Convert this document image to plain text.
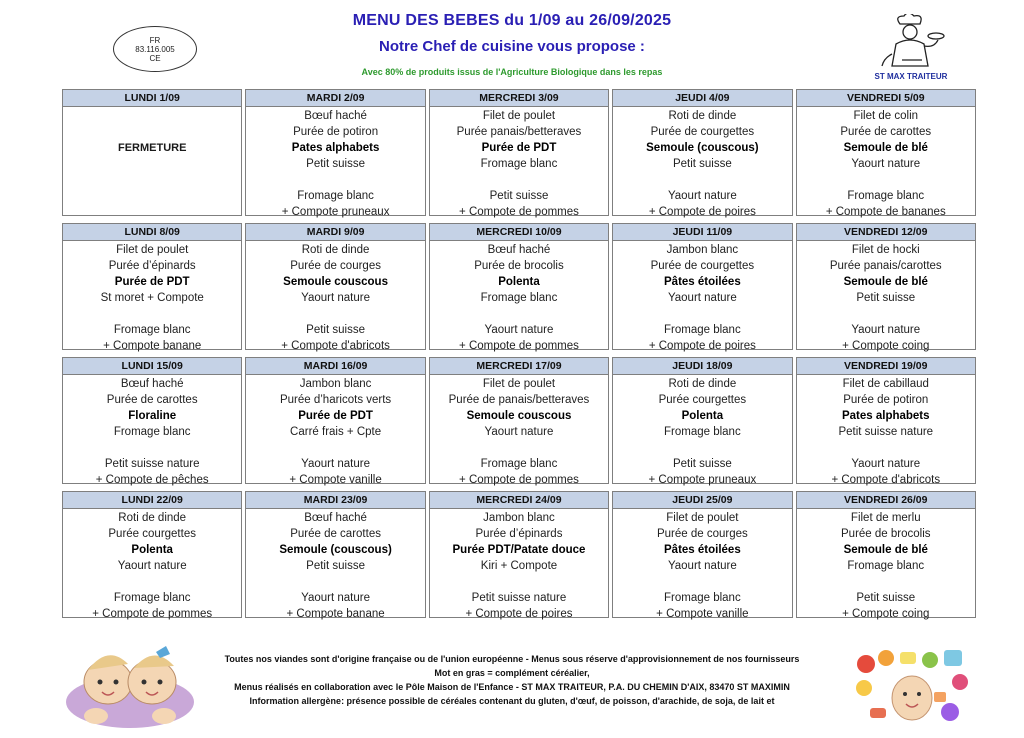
FR
83.116.005
CE
MENU DES BEBES du 1/09 au 26/09/2025
Notre Chef de cuisine vous propose :
Avec 80% de produits issus de l'Agriculture Biologique dans les repas	ST MAX TRAITEUR
LUNDI 1/09
FERMETURE
MARDI 2/09
Bœuf haché
Purée de potiron
Pates alphabets
Petit suisse
Fromage blanc
+ Compote pruneaux
MERCREDI 3/09
Filet de poulet
Purée panais/betteraves
Purée de PDT
Fromage blanc
Petit suisse
+ Compote de pommes
JEUDI 4/09
Roti de dinde
Purée de courgettes
Semoule (couscous)
Petit suisse
Yaourt nature
+ Compote de poires
VENDREDI 5/09
Filet de colin
Purée de carottes
Semoule de blé
Yaourt nature
Fromage blanc
+ Compote de bananes
LUNDI 8/09
Filet de poulet
Purée d’épinards
Purée de PDT
St moret + Compote
Fromage blanc
+ Compote banane
MARDI 9/09
Roti de dinde
Purée de courges
Semoule couscous
Yaourt nature
Petit suisse
+ Compote d'abricots
MERCREDI 10/09
Bœuf haché
Purée de brocolis
Polenta
Fromage blanc
Yaourt nature
+ Compote de pommes
JEUDI 11/09
Jambon blanc
Purée de courgettes
Pâtes étoilées
Yaourt nature
Fromage blanc
+ Compote de poires
VENDREDI 12/09
Filet de hocki
Purée panais/carottes
Semoule de blé
Petit suisse
Yaourt nature
+ Compote coing
LUNDI 15/09
Bœuf haché
Purée de carottes
Floraline
Fromage blanc
Petit suisse nature
+ Compote de pêches
MARDI 16/09
Jambon blanc
Purée d’haricots verts
Purée de PDT
Carré frais + Cpte
Yaourt nature
+ Compote vanille
MERCREDI 17/09
Filet de poulet
Purée de panais/betteraves
Semoule couscous
Yaourt nature
Fromage blanc
+ Compote de pommes
JEUDI 18/09
Roti de dinde
Purée courgettes
Polenta
Fromage blanc
Petit suisse
+ Compote pruneaux
VENDREDI 19/09
Filet de cabillaud
Purée de potiron
Pates alphabets
Petit suisse nature
Yaourt nature
+ Compote d'abricots
LUNDI 22/09
Roti de dinde
Purée courgettes
Polenta
Yaourt nature
Fromage blanc
+ Compote de pommes
MARDI 23/09
Bœuf haché
Purée de carottes
Semoule (couscous)
Petit suisse
Yaourt nature
+ Compote banane
MERCREDI 24/09
Jambon blanc
Purée d’épinards
Purée PDT/Patate douce
Kiri + Compote
Petit suisse nature
+ Compote de poires
JEUDI 25/09
Filet de poulet
Purée de courges
Pâtes étoilées
Yaourt nature
Fromage blanc
+ Compote vanille
VENDREDI 26/09
Filet de merlu
Purée de brocolis
Semoule de blé
Fromage blanc
Petit suisse
+ Compote coing
Toutes nos viandes sont d'origine française ou de l'union européenne - Menus sous réserve d'approvisionnement de nos fournisseurs
Mot en gras = complément céréalier,
Menus réalisés en collaboration avec le Pôle Maison de l'Enfance - ST MAX TRAITEUR, P.A. DU CHEMIN D'AIX, 83470 ST MAXIMIN
Information allergène: présence possible de céréales contenant du gluten, d'œuf, de poisson, d'arachide, de soja, de lait et
